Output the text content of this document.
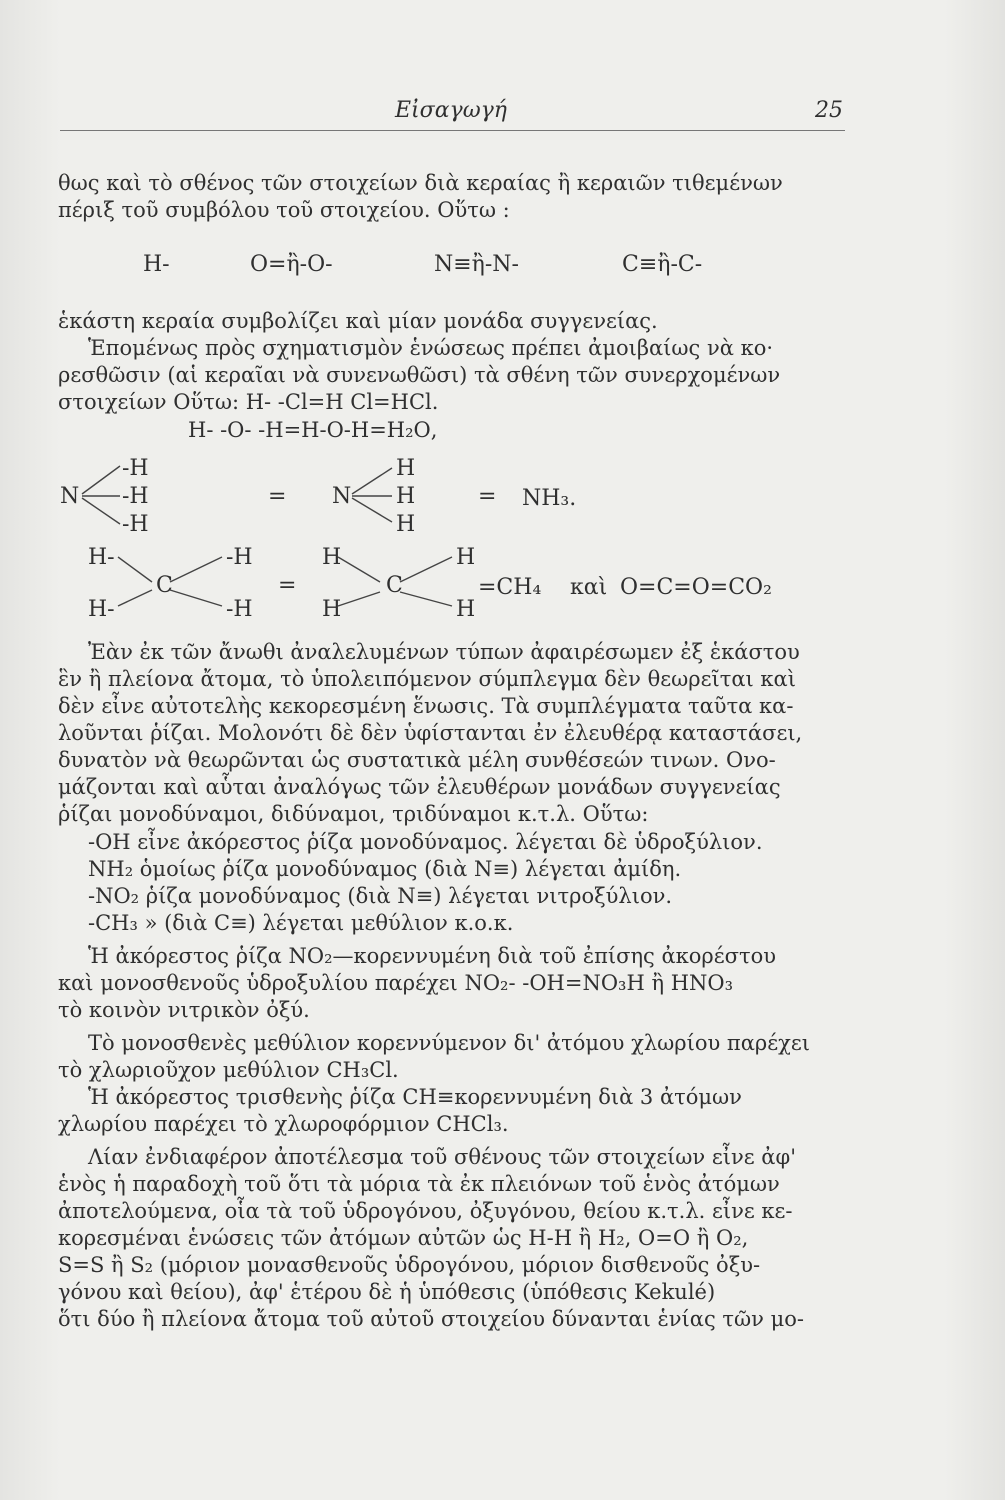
Εἰσαγωγή	25
θως καὶ τὸ σθένος τῶν στοιχείων διὰ κεραίας ἢ κεραιῶν τιθεμένων
πέριξ τοῦ συμβόλου τοῦ στοιχείου. Οὕτω :
Η-	Ο=ἢ-Ο-	Ν≡ἢ-Ν-	C≡ἢ-C-
ἑκάστη κεραία συμβολίζει καὶ μίαν μονάδα συγγενείας.
Ἑπομένως πρὸς σχηματισμὸν ἑνώσεως πρέπει ἀμοιβαίως νὰ κο·
ρεσθῶσιν (αἱ κεραῖαι νὰ συνενωθῶσι) τὰ σθένη τῶν συνερχομένων
στοιχείων Οὕτω: Η- -Cl=Η Cl=HCl.
Η- -Ο- -Η=Η-Ο-Η=Η₂Ο,
Ν
-Η
-Η
-Η
= Ν
Η
Η
Η
= ΝΗ₃.
Η-
Η-
C
-Η
-Η
=
Η
Η
C
Η
Η
=CH₄ καὶ Ο=C=Ο=CΟ₂
Ἐὰν ἐκ τῶν ἄνωθι ἀναλελυμένων τύπων ἀφαιρέσωμεν ἐξ ἑκάστου
ἓν ἢ πλείονα ἄτομα, τὸ ὑπολειπόμενον σύμπλεγμα δὲν θεωρεῖται καὶ
δὲν εἶνε αὐτοτελὴς κεκορεσμένη ἕνωσις. Τὰ συμπλέγματα ταῦτα κα-
λοῦνται ῥίζαι. Μολονότι δὲ δὲν ὑφίστανται ἐν ἐλευθέρᾳ καταστάσει,
δυνατὸν νὰ θεωρῶνται ὡς συστατικὰ μέλη συνθέσεών τινων. Ονο-
μάζονται καὶ αὗται ἀναλόγως τῶν ἐλευθέρων μονάδων συγγενείας
ῥίζαι μονοδύναμοι, διδύναμοι, τριδύναμοι κ.τ.λ. Οὕτω:
-ΟΗ εἶνε ἀκόρεστος ῥίζα μονοδύναμος. λέγεται δὲ ὑδροξύλιον.
ΝΗ₂ ὁμοίως ῥίζα μονοδύναμος (διὰ Ν≡) λέγεται ἀμίδη.
-ΝΟ₂ ῥίζα μονοδύναμος (διὰ Ν≡) λέγεται νιτροξύλιον.
-CH₃ » (διὰ C≡) λέγεται μεθύλιον κ.ο.κ.
Ἡ ἀκόρεστος ῥίζα ΝΟ₂—κορεννυμένη διὰ τοῦ ἐπίσης ἀκορέστου
καὶ μονοσθενοῦς ὑδροξυλίου παρέχει ΝΟ₂- -ΟΗ=ΝΟ₃Η ἢ ΗΝΟ₃
τὸ κοινὸν νιτρικὸν ὀξύ.
Τὸ μονοσθενὲς μεθύλιον κορεννύμενον δι' ἀτόμου χλωρίου παρέχει
τὸ χλωριοῦχον μεθύλιον CH₃Cl.
Ἡ ἀκόρεστος τρισθενὴς ῥίζα CH≡κορεννυμένη διὰ 3 ἀτόμων
χλωρίου παρέχει τὸ χλωροφόρμιον CHCl₃.
Λίαν ἐνδιαφέρον ἀποτέλεσμα τοῦ σθένους τῶν στοιχείων εἶνε ἀφ'
ἑνὸς ἡ παραδοχὴ τοῦ ὅτι τὰ μόρια τὰ ἐκ πλειόνων τοῦ ἑνὸς ἀτόμων
ἀποτελούμενα, οἷα τὰ τοῦ ὑδρογόνου, ὀξυγόνου, θείου κ.τ.λ. εἶνε κε-
κορεσμέναι ἑνώσεις τῶν ἀτόμων αὐτῶν ὡς Η-Η ἢ Η₂, Ο=Ο ἢ Ο₂,
S=S ἢ S₂ (μόριον μονασθενοῦς ὑδρογόνου, μόριον δισθενοῦς ὀξυ-
γόνου καὶ θείου), ἀφ' ἑτέρου δὲ ἡ ὑπόθεσις (ὑπόθεσις Kekulé)
ὅτι δύο ἢ πλείονα ἄτομα τοῦ αὐτοῦ στοιχείου δύνανται ἑνίας τῶν μο-
